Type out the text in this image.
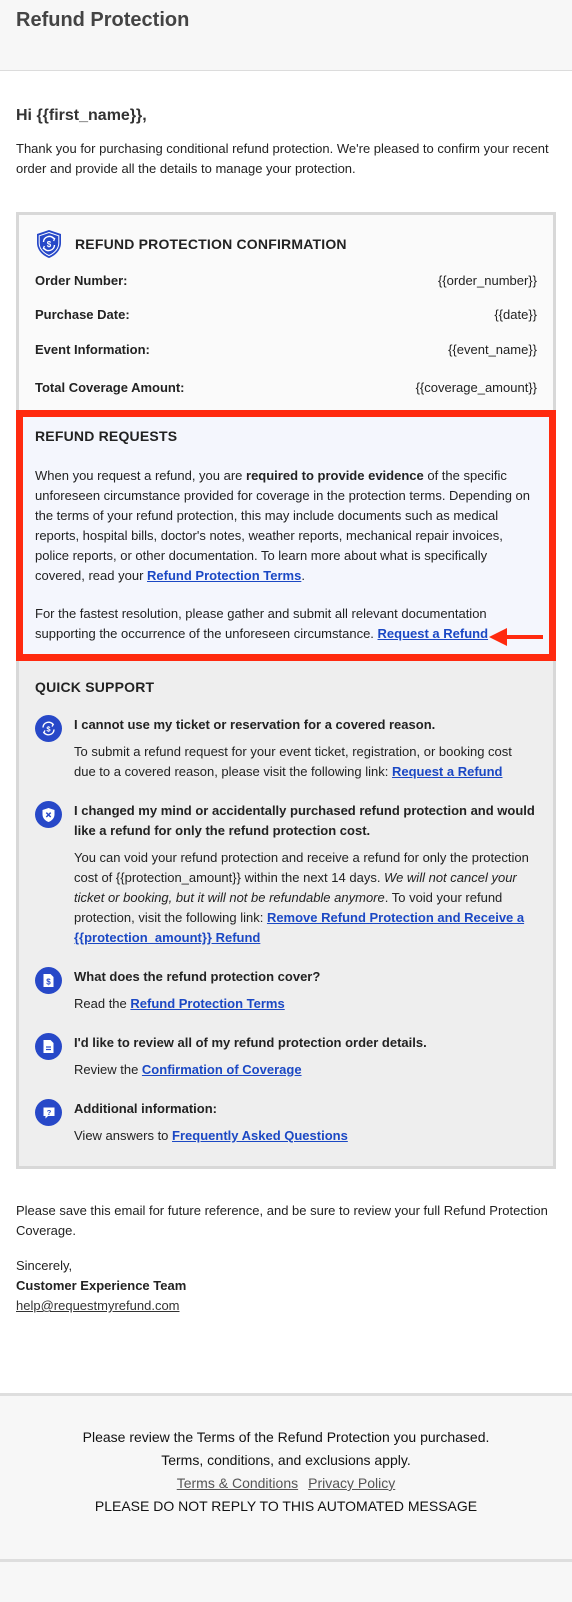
Refund Protection

Hi {{first_name}},

Thank you for purchasing conditional refund protection. We're pleased to confirm your recent order and provide all the details to manage your protection.

$ REFUND PROTECTION CONFIRMATION
Order Number:	{{order_number}}
Purchase Date:	{{date}}
Event Information:	{{event_name}}
Total Coverage Amount:	{{coverage_amount}}

REFUND REQUESTS

When you request a refund, you are required to provide evidence of the specific unforeseen circumstance provided for coverage in the protection terms. Depending on the terms of your refund protection, this may include documents such as medical reports, hospital bills, doctor's notes, weather reports, mechanical repair invoices, police reports, or other documentation. To learn more about what is specifically covered, read your Refund Protection Terms.

For the fastest resolution, please gather and submit all relevant documentation supporting the occurrence of the unforeseen circumstance. Request a Refund

QUICK SUPPORT

$ I cannot use my ticket or reservation for a covered reason.

To submit a refund request for your event ticket, registration, or booking cost due to a covered reason, please visit the following link: Request a Refund

I changed my mind or accidentally purchased refund protection and would like a refund for only the refund protection cost.

You can void your refund protection and receive a refund for only the protection cost of {{protection_amount}} within the next 14 days. We will not cancel your ticket or booking, but it will not be refundable anymore. To void your refund protection, visit the following link: Remove Refund Protection and Receive a {{protection_amount}} Refund

$ What does the refund protection cover?

Read the Refund Protection Terms

I'd like to review all of my refund protection order details.

Review the Confirmation of Coverage

? Additional information:

View answers to Frequently Asked Questions

Please save this email for future reference, and be sure to review your full Refund Protection Coverage.

Sincerely,

Customer Experience Team

help@requestmyrefund.com

Please review the Terms of the Refund Protection you purchased.

Terms, conditions, and exclusions apply.

Terms & Conditions Privacy Policy

PLEASE DO NOT REPLY TO THIS AUTOMATED MESSAGE
